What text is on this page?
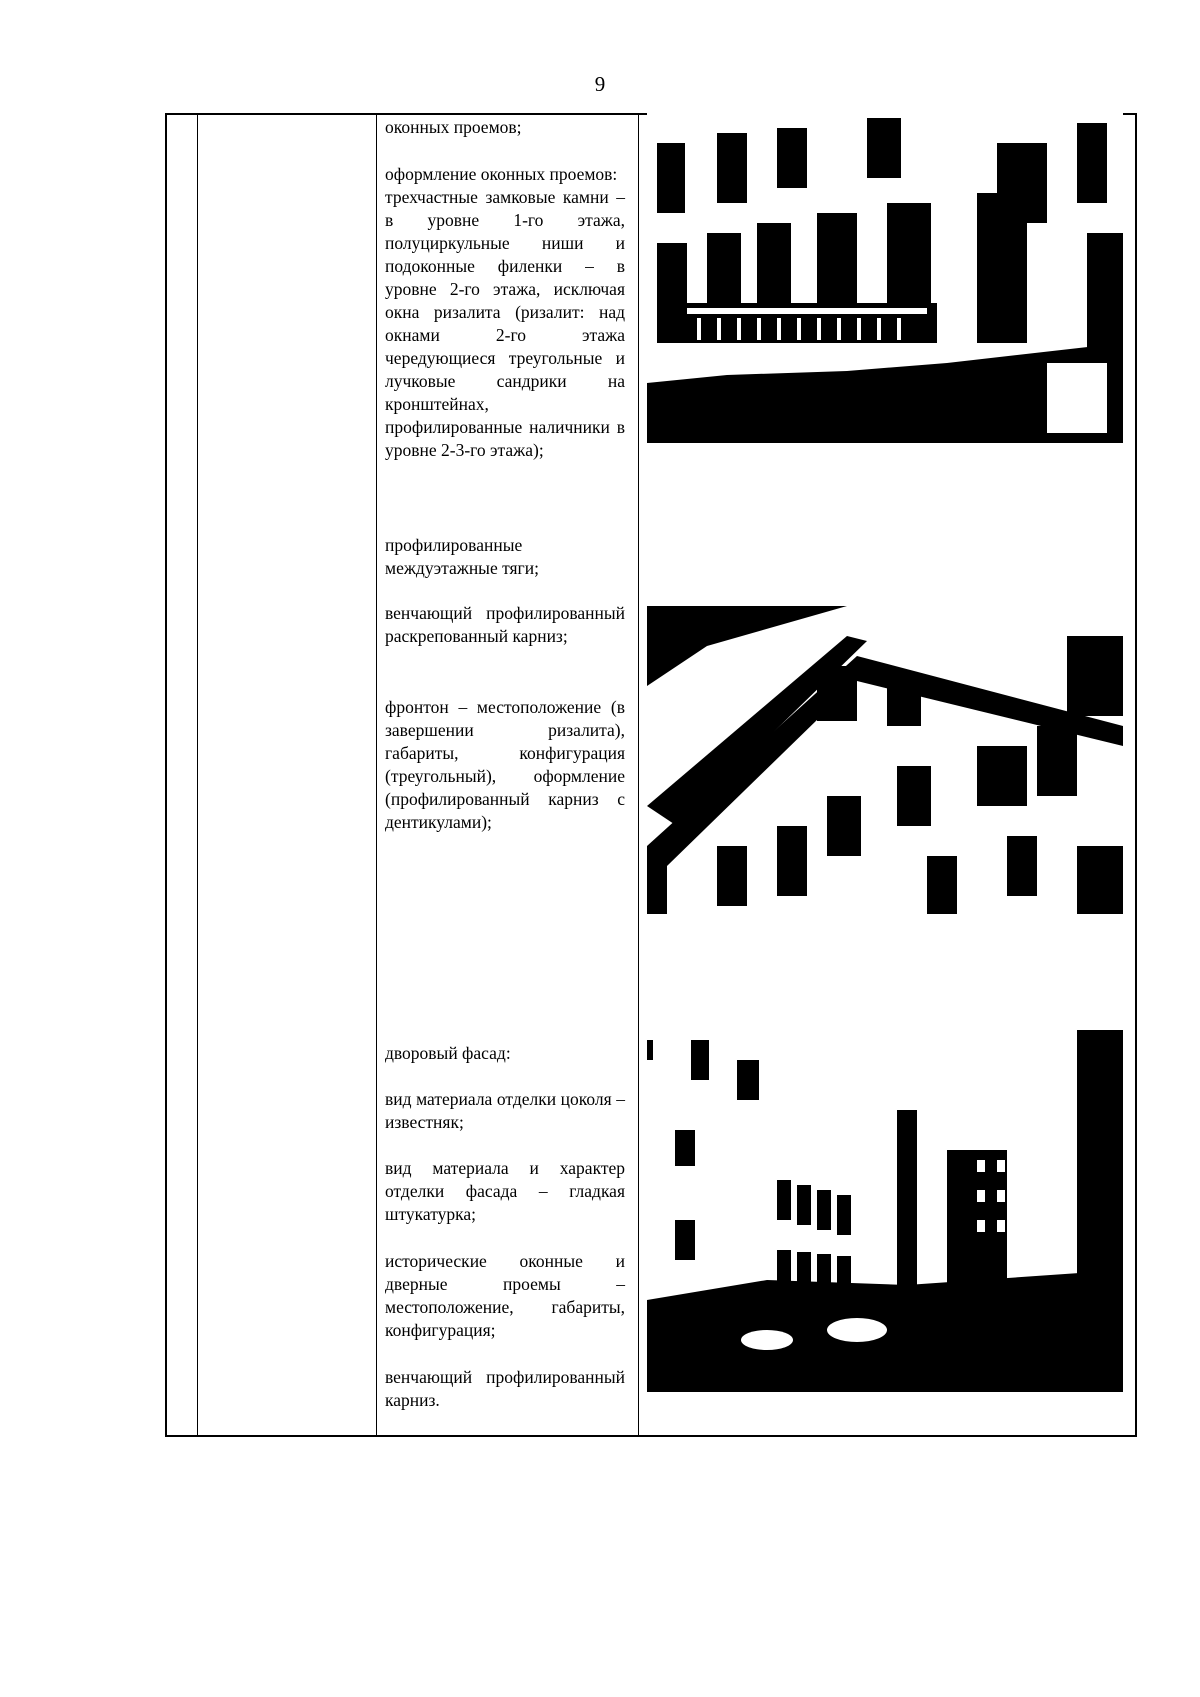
9

оконных проемов;

оформление оконных проемов:

трехчастные замковые камни – в уровне 1-го этажа, полуциркульные ниши и подоконные филенки – в уровне 2-го этажа, исключая окна ризалита (ризалит: над окнами 2-го этажа чередующиеся треугольные и лучковые сандрики на кронштейнах, профилированные наличники в уровне 2-3-го этажа);

профилированные междуэтажные тяги;

венчающий профилированный раскрепованный карниз;

фронтон – местоположение (в завершении ризалита), габариты, конфигурация (треугольный), оформление (профилированный карниз с дентикулами);

дворовый фасад:

вид материала отделки цоколя – известняк;

вид материала и характер отделки фасада – гладкая штукатурка;

исторические оконные и дверные проемы – местоположение, габариты, конфигурация;

венчающий профилированный карниз.
